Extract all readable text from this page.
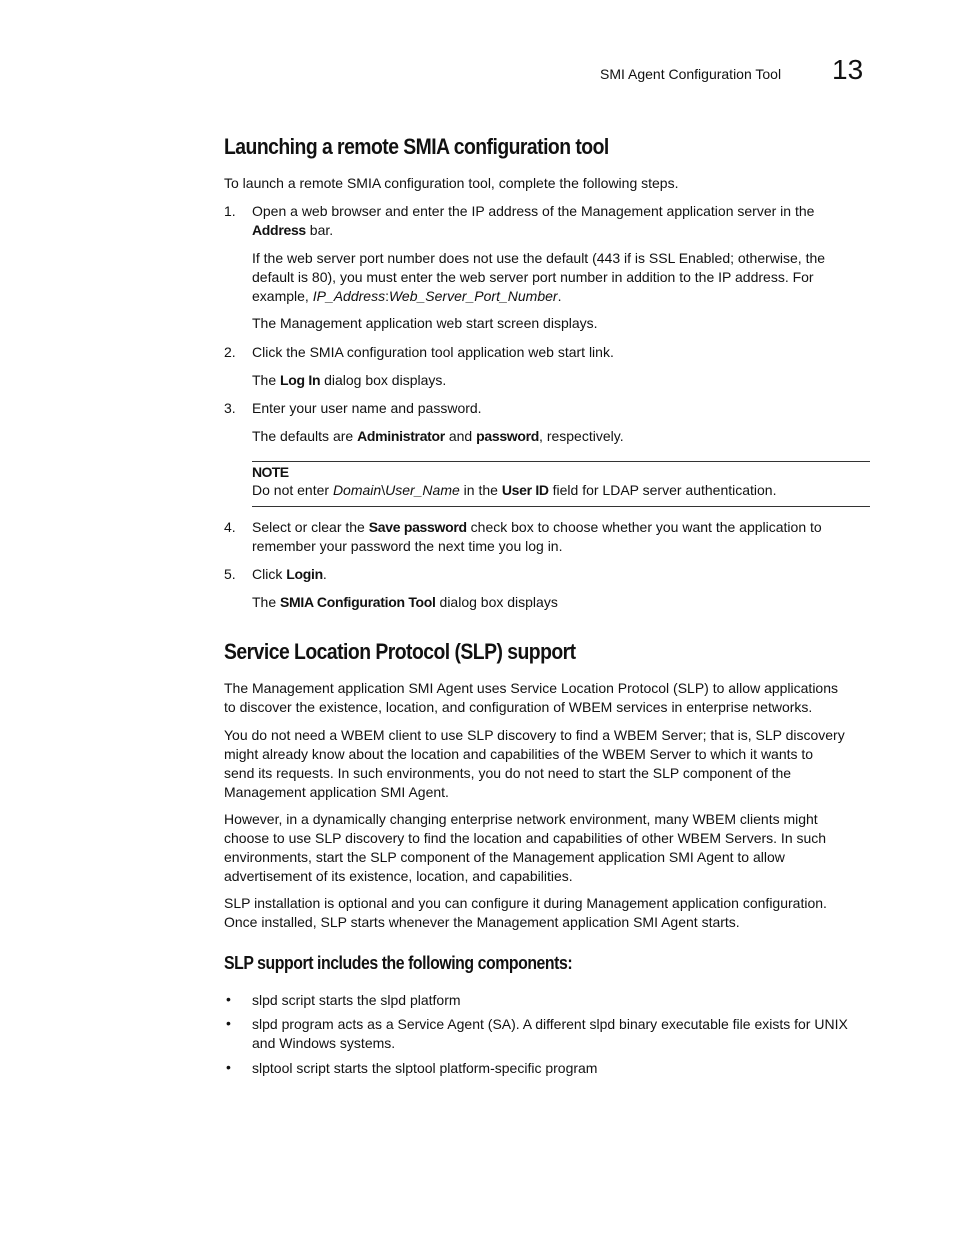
SMI Agent Configuration Tool 13
Launching a remote SMIA configuration tool

To launch a remote SMIA configuration tool, complete the following steps.

1.	Open a web browser and enter the IP address of the Management application server in the
Address bar.

If the web server port number does not use the default (443 if is SSL Enabled; otherwise, the
default is 80), you must enter the web server port number in addition to the IP address. For
example, IP_Address:Web_Server_Port_Number.

The Management application web start screen displays.

2.	Click the SMIA configuration tool application web start link.

The Log In dialog box displays.

3.	Enter your user name and password.

The defaults are Administrator and password, respectively.

NOTE

Do not enter Domain\User_Name in the User ID field for LDAP server authentication.

4.	Select or clear the Save password check box to choose whether you want the application to
remember your password the next time you log in.

5.	Click Login.

The SMIA Configuration Tool dialog box displays

Service Location Protocol (SLP) support

The Management application SMI Agent uses Service Location Protocol (SLP) to allow applications
to discover the existence, location, and configuration of WBEM services in enterprise networks.

You do not need a WBEM client to use SLP discovery to find a WBEM Server; that is, SLP discovery
might already know about the location and capabilities of the WBEM Server to which it wants to
send its requests. In such environments, you do not need to start the SLP component of the
Management application SMI Agent.

However, in a dynamically changing enterprise network environment, many WBEM clients might
choose to use SLP discovery to find the location and capabilities of other WBEM Servers. In such
environments, start the SLP component of the Management application SMI Agent to allow
advertisement of its existence, location, and capabilities.

SLP installation is optional and you can configure it during Management application configuration.
Once installed, SLP starts whenever the Management application SMI Agent starts.

SLP support includes the following components:
•	slpd script starts the slpd platform

•	slpd program acts as a Service Agent (SA). A different slpd binary executable file exists for UNIX
and Windows systems.

•	slptool script starts the slptool platform-specific program
